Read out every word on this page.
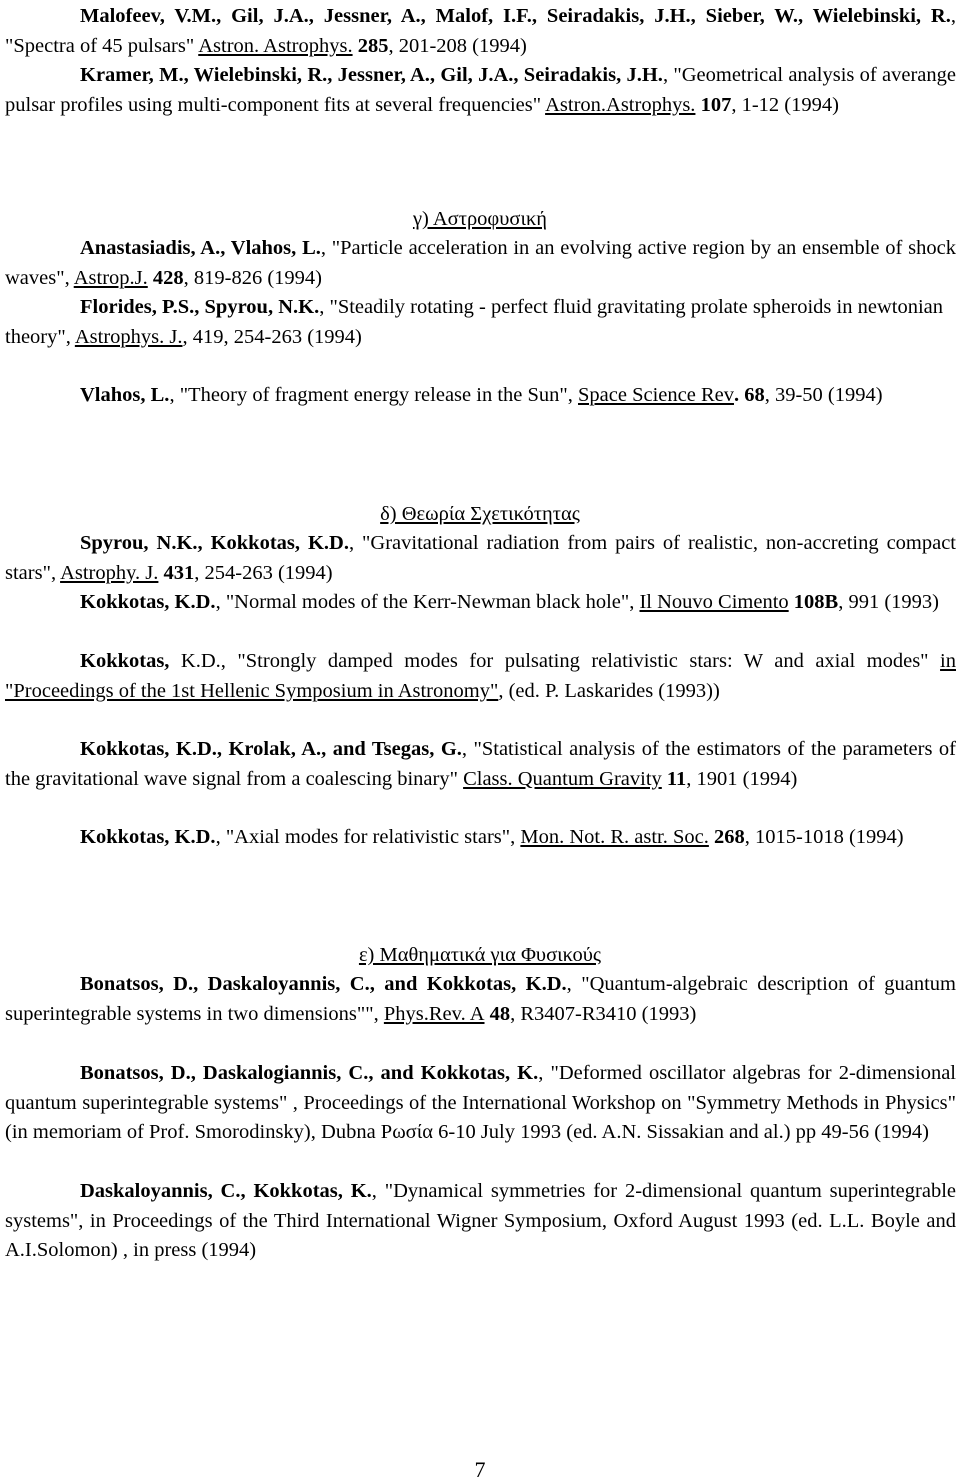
Malofeev, V.M., Gil, J.A., Jessner, A., Malof, I.F., Seiradakis, J.H., Sieber, W., Wielebinski, R., "Spectra of 45 pulsars" Astron. Astrophys. 285, 201-208 (1994)

Kramer, M., Wielebinski, R., Jessner, A., Gil, J.A., Seiradakis, J.H., "Geometrical analysis of averange pulsar profiles using multi-component fits at several frequencies" Astron.Astrophys. 107, 1-12 (1994)

γ) Αστροφυσική

Anastasiadis, A., Vlahos, L., "Particle acceleration in an evolving active region by an ensemble of shock waves", Astrop.J. 428, 819-826 (1994)

Florides, P.S., Spyrou, N.K., "Steadily rotating - perfect fluid gravitating prolate spheroids in newtonian theory", Astrophys. J., 419, 254-263 (1994)

Vlahos, L., "Theory of fragment energy release in the Sun", Space Science Rev. 68, 39-50 (1994)

δ) Θεωρία Σχετικότητας

Spyrou, N.K., Kokkotas, K.D., "Gravitational radiation from pairs of realistic, non-accreting compact stars", Astrophy. J. 431, 254-263 (1994)

Kokkotas, K.D., "Normal modes of the Kerr-Newman black hole", Il Nouvo Cimento 108B, 991 (1993)

Kokkotas, K.D., "Strongly damped modes for pulsating relativistic stars: W and axial modes" in "Proceedings of the 1st Hellenic Symposium in Astronomy", (ed. P. Laskarides (1993))

Kokkotas, K.D., Krolak, A., and Tsegas, G., "Statistical analysis of the estimators of the parameters of the gravitational wave signal from a coalescing binary" Class. Quantum Gravity 11, 1901 (1994)

Kokkotas, K.D., "Axial modes for relativistic stars", Mon. Not. R. astr. Soc. 268, 1015-1018 (1994)

ε) Μαθηματικά για Φυσικούς

Bonatsos, D., Daskaloyannis, C., and Kokkotas, K.D., "Quantum-algebraic description of guantum superintegrable systems in two dimensions"", Phys.Rev. A 48, R3407-R3410 (1993)

Bonatsos, D., Daskalogiannis, C., and Kokkotas, K., "Deformed oscillator algebras for 2-dimensional quantum superintegrable systems" , Proceedings of the International Workshop on "Symmetry Methods in Physics" (in memoriam of Prof. Smorodinsky), Dubna Ρωσία 6-10 July 1993 (ed. A.N. Sissakian and al.) pp 49-56 (1994)

Daskaloyannis, C., Kokkotas, K., "Dynamical symmetries for 2-dimensional quantum superintegrable systems", in Proceedings of the Third International Wigner Symposium, Oxford August 1993 (ed. L.L. Boyle and A.I.Solomon) , in press (1994)

7
